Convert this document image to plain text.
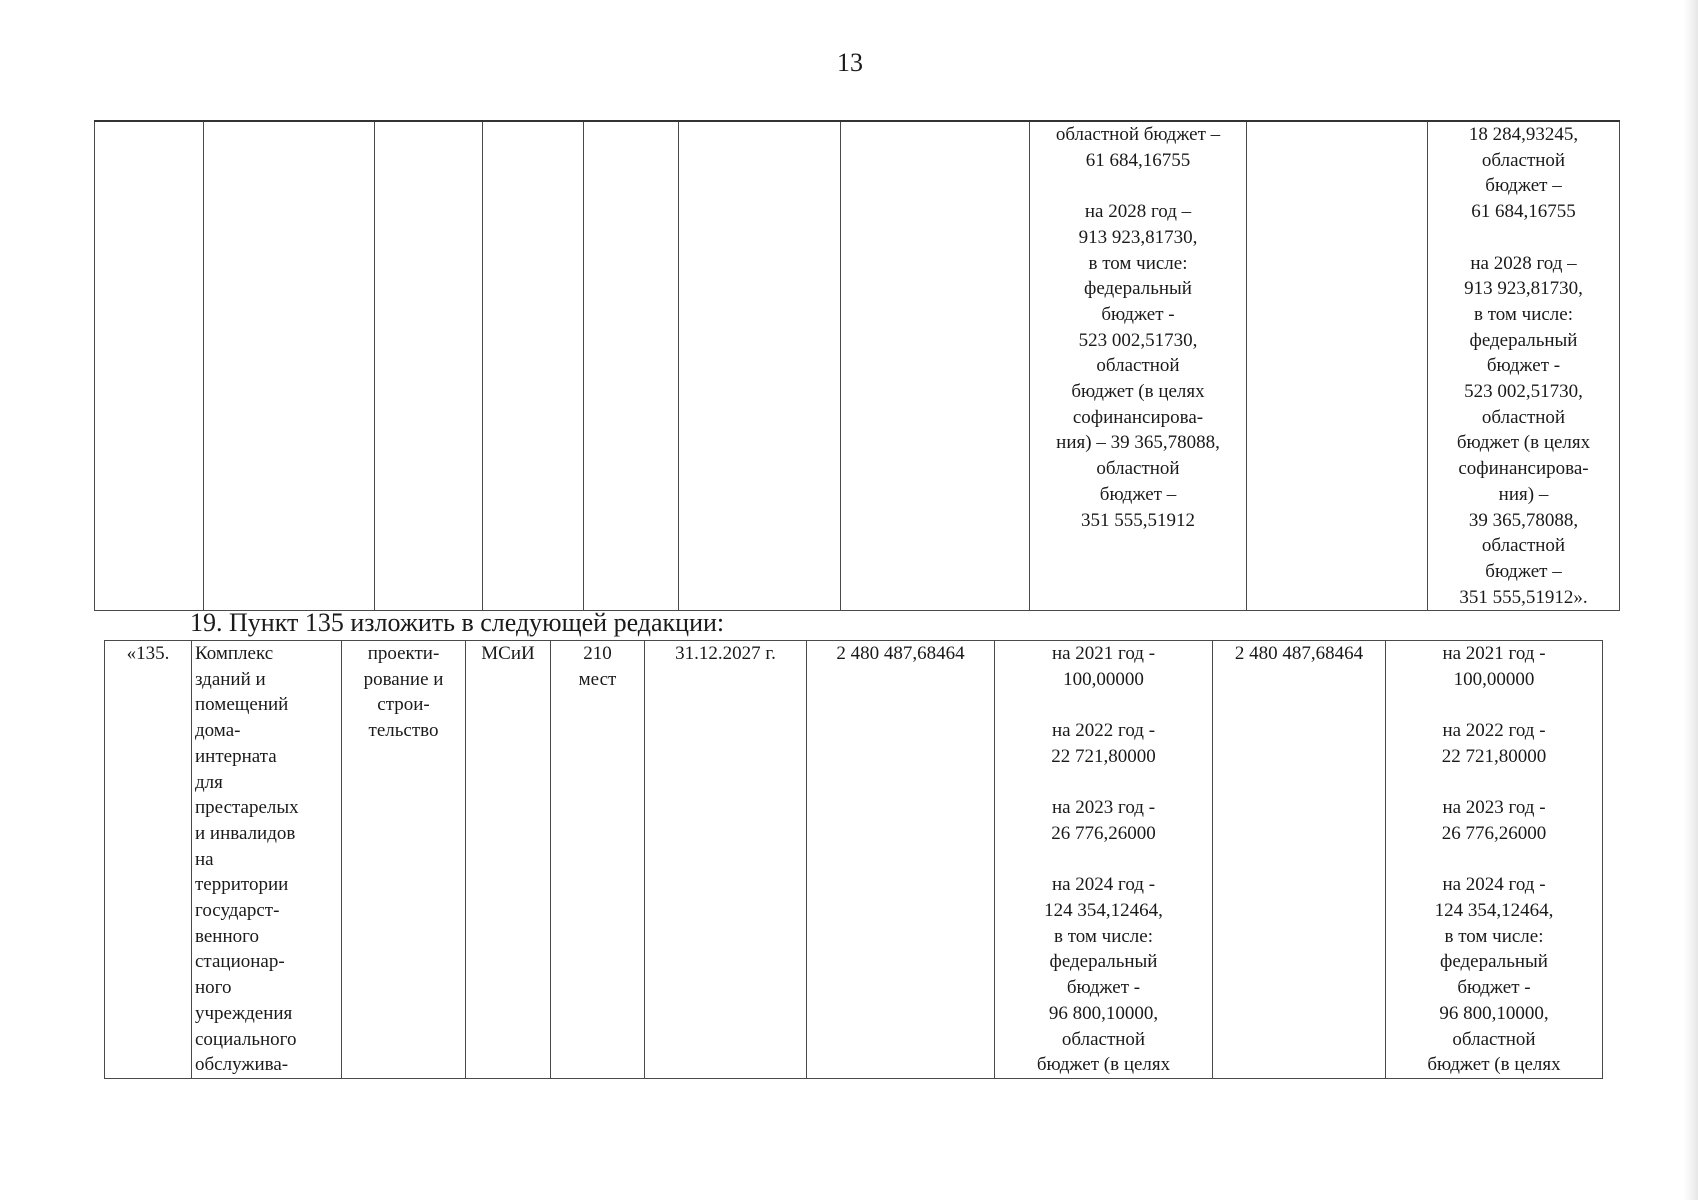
13
							областной бюджет –
61 684,16755

на 2028 год –
913 923,81730,
в том числе:
федеральный
бюджет -
523 002,51730,
областной
бюджет (в целях
софинансирова-
ния) – 39 365,78088,
областной
бюджет –
351 555,51912		18 284,93245,
областной
бюджет –
61 684,16755

на 2028 год –
913 923,81730,
в том числе:
федеральный
бюджет -
523 002,51730,
областной
бюджет (в целях
софинансирова-
ния) –
39 365,78088,
областной
бюджет –
351 555,51912».
19. Пункт 135 изложить в следующей редакции:
«135.	Комплекс
зданий и
помещений
дома-
интерната
для
престарелых
и инвалидов
на
территории
государст-
венного
стационар-
ного
учреждения
социального
обслужива-	проекти-
рование и
строи-
тельство	МСиИ	210
мест	31.12.2027 г.	2 480 487,68464	на 2021 год -
100,00000

на 2022 год -
22 721,80000

на 2023 год -
26 776,26000

на 2024 год -
124 354,12464,
в том числе:
федеральный
бюджет -
96 800,10000,
областной
бюджет (в целях	2 480 487,68464	на 2021 год -
100,00000

на 2022 год -
22 721,80000

на 2023 год -
26 776,26000

на 2024 год -
124 354,12464,
в том числе:
федеральный
бюджет -
96 800,10000,
областной
бюджет (в целях
